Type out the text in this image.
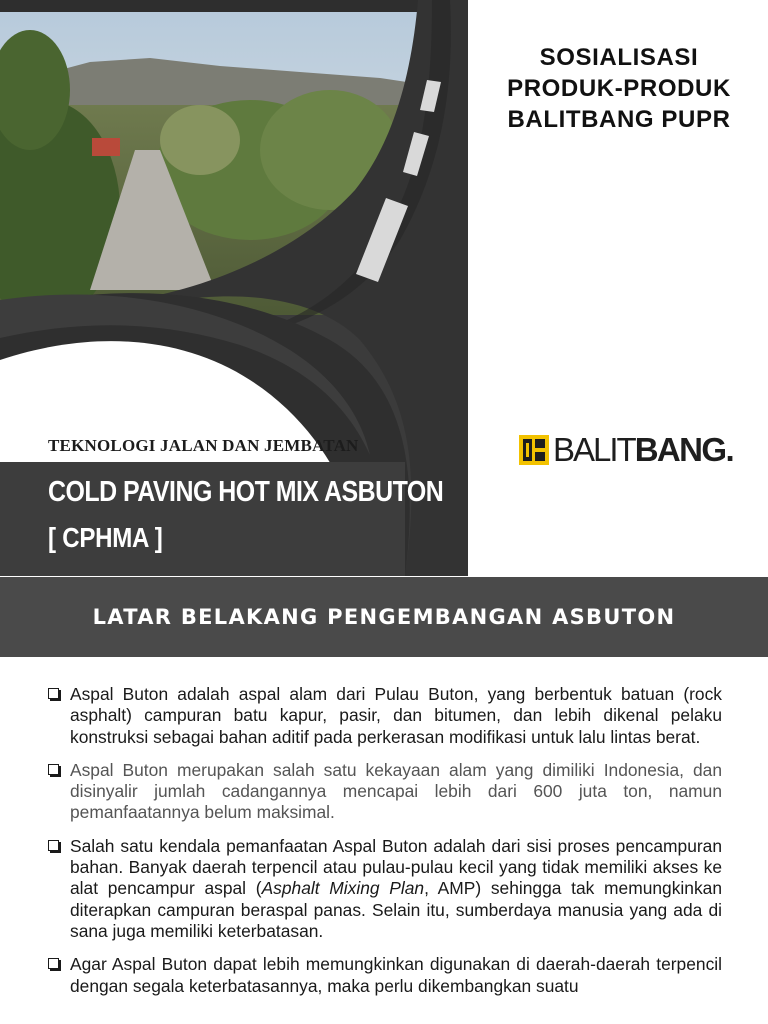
TEKNOLOGI JALAN DAN JEMBATAN
COLD PAVING HOT MIX ASBUTON
[ CPHMA ]
SOSIALISASI
PRODUK-PRODUK
BALITBANG PUPR
BALITBANG.
LATAR BELAKANG PENGEMBANGAN ASBUTON
Aspal Buton adalah aspal alam dari Pulau Buton, yang berbentuk batuan (rock asphalt) campuran batu kapur, pasir, dan bitumen, dan lebih dikenal pelaku konstruksi sebagai bahan aditif pada perkerasan modifikasi untuk lalu lintas berat.
Aspal Buton merupakan salah satu kekayaan alam yang dimiliki Indonesia, dan disinyalir jumlah cadangannya mencapai lebih dari 600 juta ton, namun pemanfaatannya belum maksimal.
Salah satu kendala pemanfaatan Aspal Buton adalah dari sisi proses pencampuran bahan. Banyak daerah terpencil atau pulau-pulau kecil yang tidak memiliki akses ke alat pencampur aspal (Asphalt Mixing Plan, AMP) sehingga tak memungkinkan diterapkan campuran beraspal panas. Selain itu, sumberdaya manusia yang ada di sana juga memiliki keterbatasan.
Agar Aspal Buton dapat lebih memungkinkan digunakan di daerah-daerah terpencil dengan segala keterbatasannya, maka perlu dikembangkan suatu
